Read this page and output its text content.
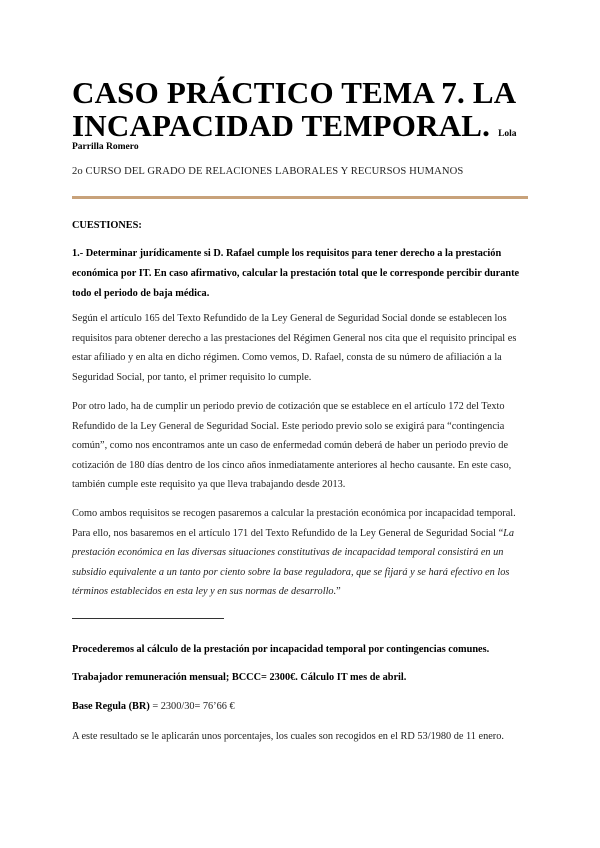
CASO PRÁCTICO TEMA 7. LA INCAPACIDAD TEMPORAL. Lola
Parrilla Romero
2o CURSO DEL GRADO DE RELACIONES LABORALES Y RECURSOS HUMANOS
CUESTIONES:
1.- Determinar jurídicamente si D. Rafael cumple los requisitos para tener derecho a la prestación económica por IT. En caso afirmativo, calcular la prestación total que le corresponde percibir durante todo el periodo de baja médica.
Según el artículo 165 del Texto Refundido de la Ley General de Seguridad Social donde se establecen los requisitos para obtener derecho a las prestaciones del Régimen General nos cita que el requisito principal es estar afiliado y en alta en dicho régimen. Como vemos, D. Rafael, consta de su número de afiliación a la Seguridad Social, por tanto, el primer requisito lo cumple.
Por otro lado, ha de cumplir un periodo previo de cotización que se establece en el artículo 172 del Texto Refundido de la Ley General de Seguridad Social. Este periodo previo solo se exigirá para “contingencia común”, como nos encontramos ante un caso de enfermedad común deberá de haber un periodo previo de cotización de 180 días dentro de los cinco años inmediatamente anteriores al hecho causante. En este caso, también cumple este requisito ya que lleva trabajando desde 2013.
Como ambos requisitos se recogen pasaremos a calcular la prestación económica por incapacidad temporal. Para ello, nos basaremos en el artículo 171 del Texto Refundido de la Ley General de Seguridad Social “La prestación económica en las diversas situaciones constitutivas de incapacidad temporal consistirá en un subsidio equivalente a un tanto por ciento sobre la base reguladora, que se fijará y se hará efectivo en los términos establecidos en esta ley y en sus normas de desarrollo.”
Procederemos al cálculo de la prestación por incapacidad temporal por contingencias comunes.
Trabajador remuneración mensual; BCCC= 2300€. Cálculo IT mes de abril.
Base Regula (BR) = 2300/30= 76’66 €
A este resultado se le aplicarán unos porcentajes, los cuales son recogidos en el RD 53/1980 de 11 enero.
